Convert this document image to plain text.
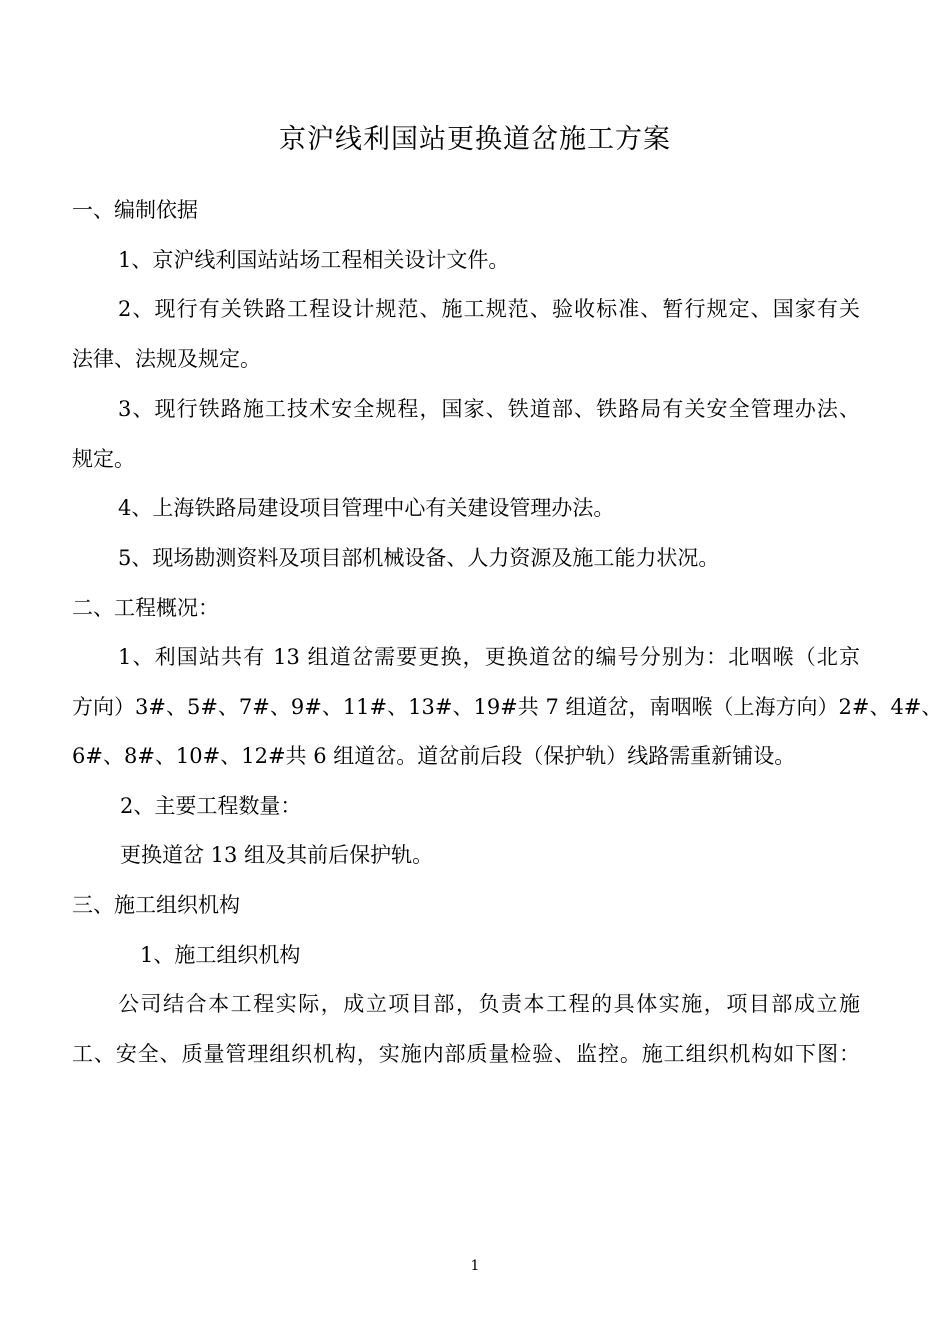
京沪线利国站更换道岔施工方案
一、编制依据
1、京沪线利国站站场工程相关设计文件。
2、现行有关铁路工程设计规范、施工规范、验收标准、暂行规定、国家有关
法律、法规及规定。
3、现行铁路施工技术安全规程，国家、铁道部、铁路局有关安全管理办法、
规定。
4、上海铁路局建设项目管理中心有关建设管理办法。
5、现场勘测资料及项目部机械设备、人力资源及施工能力状况。
二、工程概况：
1、利国站共有 13 组道岔需要更换，更换道岔的编号分别为：北咽喉（北京
方向）3#、5#、7#、9#、11#、13#、19#共 7 组道岔，南咽喉（上海方向）2#、4#、
6#、8#、10#、12#共 6 组道岔。道岔前后段（保护轨）线路需重新铺设。
2、主要工程数量：
更换道岔 13 组及其前后保护轨。
三、施工组织机构
1、施工组织机构
公司结合本工程实际，成立项目部，负责本工程的具体实施，项目部成立施
工、安全、质量管理组织机构，实施内部质量检验、监控。施工组织机构如下图：
1
